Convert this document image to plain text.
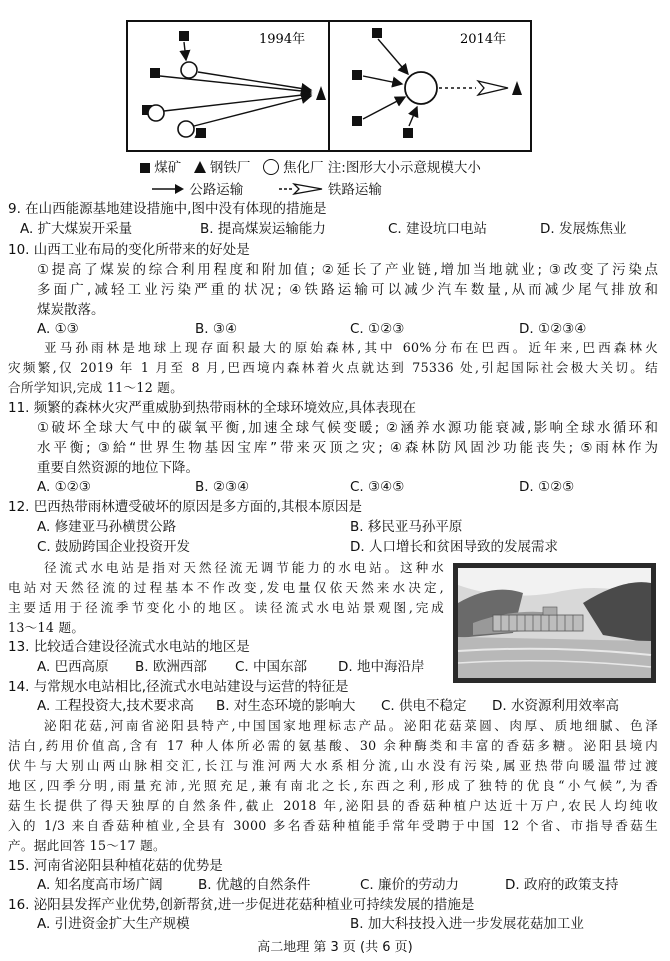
1994年	2014年
煤矿 钢铁厂 焦化厂 注:图形大小示意规模大小
公路运输	铁路运输
9. 在山西能源基地建设措施中,图中没有体现的措施是
A. 扩大煤炭开采量	B. 提高煤炭运输能力	C. 建设坑口电站	D. 发展炼焦业
10. 山西工业布局的变化所带来的好处是
①提高了煤炭的综合利用程度和附加值; ②延长了产业链,增加当地就业; ③改变了污染点
多面广,减轻工业污染严重的状况; ④铁路运输可以减少汽车数量,从而减少尾气排放和
煤炭散落。
A. ①③	B. ③④	C. ①②③	D. ①②③④
亚马孙雨林是地球上现存面积最大的原始森林,其中 60%分布在巴西。近年来,巴西森林火
灾频繁,仅 2019 年 1 月至 8 月,巴西境内森林着火点就达到 75336 处,引起国际社会极大关切。结
合所学知识,完成 11～12 题。
11. 频繁的森林火灾严重威胁到热带雨林的全球环境效应,具体表现在
①破坏全球大气中的碳氧平衡,加速全球气候变暖; ②涵养水源功能衰减,影响全球水循环和
水平衡; ③給“世界生物基因宝库”带来灭顶之灾; ④森林防风固沙功能丧失; ⑤雨林作为
重要自然资源的地位下降。
A. ①②③	B. ②③④	C. ③④⑤	D. ①②⑤
12. 巴西热带雨林遭受破坏的原因是多方面的,其根本原因是
A. 修建亚马孙横贯公路	B. 移民亚马孙平原
C. 鼓励跨国企业投资开发	D. 人口增长和贫困导致的发展需求
径流式水电站是指对天然径流无调节能力的水电站。这种水
电站对天然径流的过程基本不作改变,发电量仅依天然来水决定,
主要适用于径流季节变化小的地区。读径流式水电站景观图,完成
13～14 题。
13. 比较适合建设径流式水电站的地区是
A. 巴西高原 B. 欧洲西部 C. 中国东部 D. 地中海沿岸
14. 与常规水电站相比,径流式水电站建设与运营的特征是
A. 工程投资大,技术要求高 B. 对生态环境的影响大 C. 供电不稳定 D. 水资源利用效率高
泌阳花菇,河南省泌阳县特产,中国国家地理标志产品。泌阳花菇菜圆、肉厚、质地细腻、色泽
洁白,药用价值高,含有 17 种人体所必需的氨基酸、30 余种酶类和丰富的香菇多糖。泌阳县境内
伏牛与大别山两山脉相交汇,长江与淮河两大水系相分流,山水没有污染,属亚热带向暖温带过渡
地区,四季分明,雨量充沛,光照充足,兼有南北之长,东西之利,形成了独特的优良“小气候”,为香
菇生长提供了得天独厚的自然条件,截止 2018 年,泌阳县的香菇种植户达近十万户,农民人均纯收
入的 1/3 来自香菇种植业,全县有 3000 多名香菇种植能手常年受聘于中国 12 个省、市指导香菇生
产。据此回答 15～17 题。
15. 河南省泌阳县种植花菇的优势是
A. 知名度高市场广阔	B. 优越的自然条件	C. 廉价的劳动力	D. 政府的政策支持
16. 泌阳县发挥产业优势,创新帮贫,进一步促进花菇种植业可持续发展的措施是
A. 引进资金扩大生产规模	B. 加大科技投入进一步发展花菇加工业
高二地理 第 3 页 (共 6 页)
